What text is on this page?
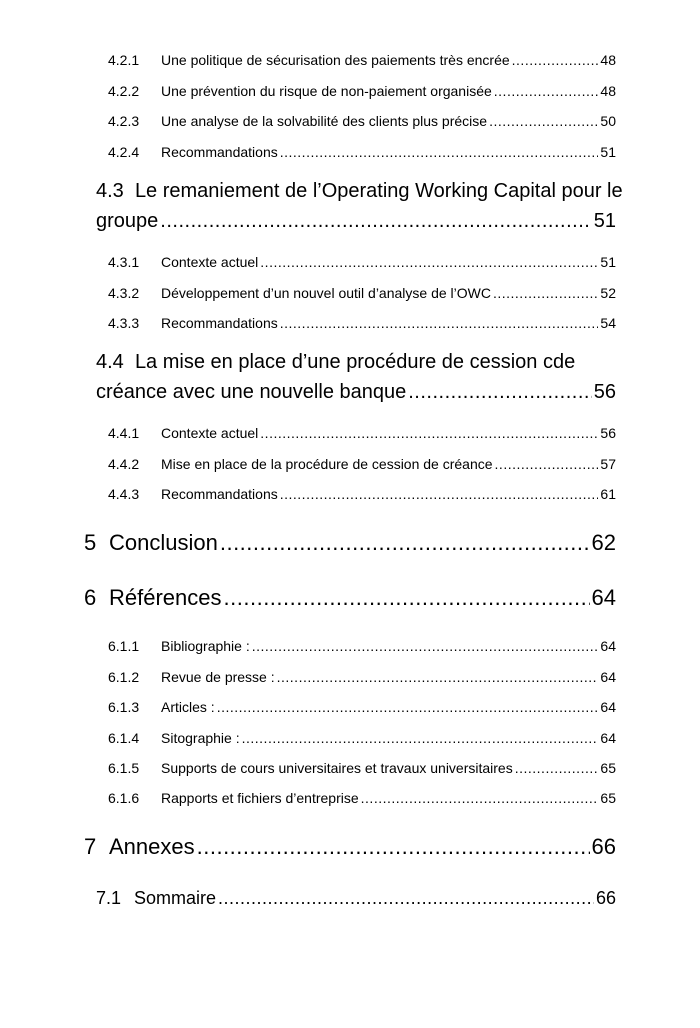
4.2.1	Une politique de sécurisation des paiements très encrée .....	48
4.2.2	Une prévention du risque de non-paiement organisée .....	48
4.2.3	Une analyse de la solvabilité des clients plus précise .....	50
4.2.4	Recommandations .....	51
4.3 Le remaniement de l’Operating Working Capital pour le
groupe .....	51
4.3.1	Contexte actuel .....	51
4.3.2	Développement d’un nouvel outil d’analyse de l’OWC .....	52
4.3.3	Recommandations .....	54
4.4 La mise en place d’une procédure de cession cde
créance avec une nouvelle banque .....	56
4.4.1	Contexte actuel .....	56
4.4.2	Mise en place de la procédure de cession de créance .....	57
4.4.3	Recommandations .....	61
5 Conclusion .....	62
6 Références .....	64
6.1.1	Bibliographie : .....	64
6.1.2	Revue de presse : .....	64
6.1.3	Articles : .....	64
6.1.4	Sitographie : .....	64
6.1.5	Supports de cours universitaires et travaux universitaires .....	65
6.1.6	Rapports et fichiers d’entreprise .....	65
7 Annexes .....	66
7.1 Sommaire .....	66
